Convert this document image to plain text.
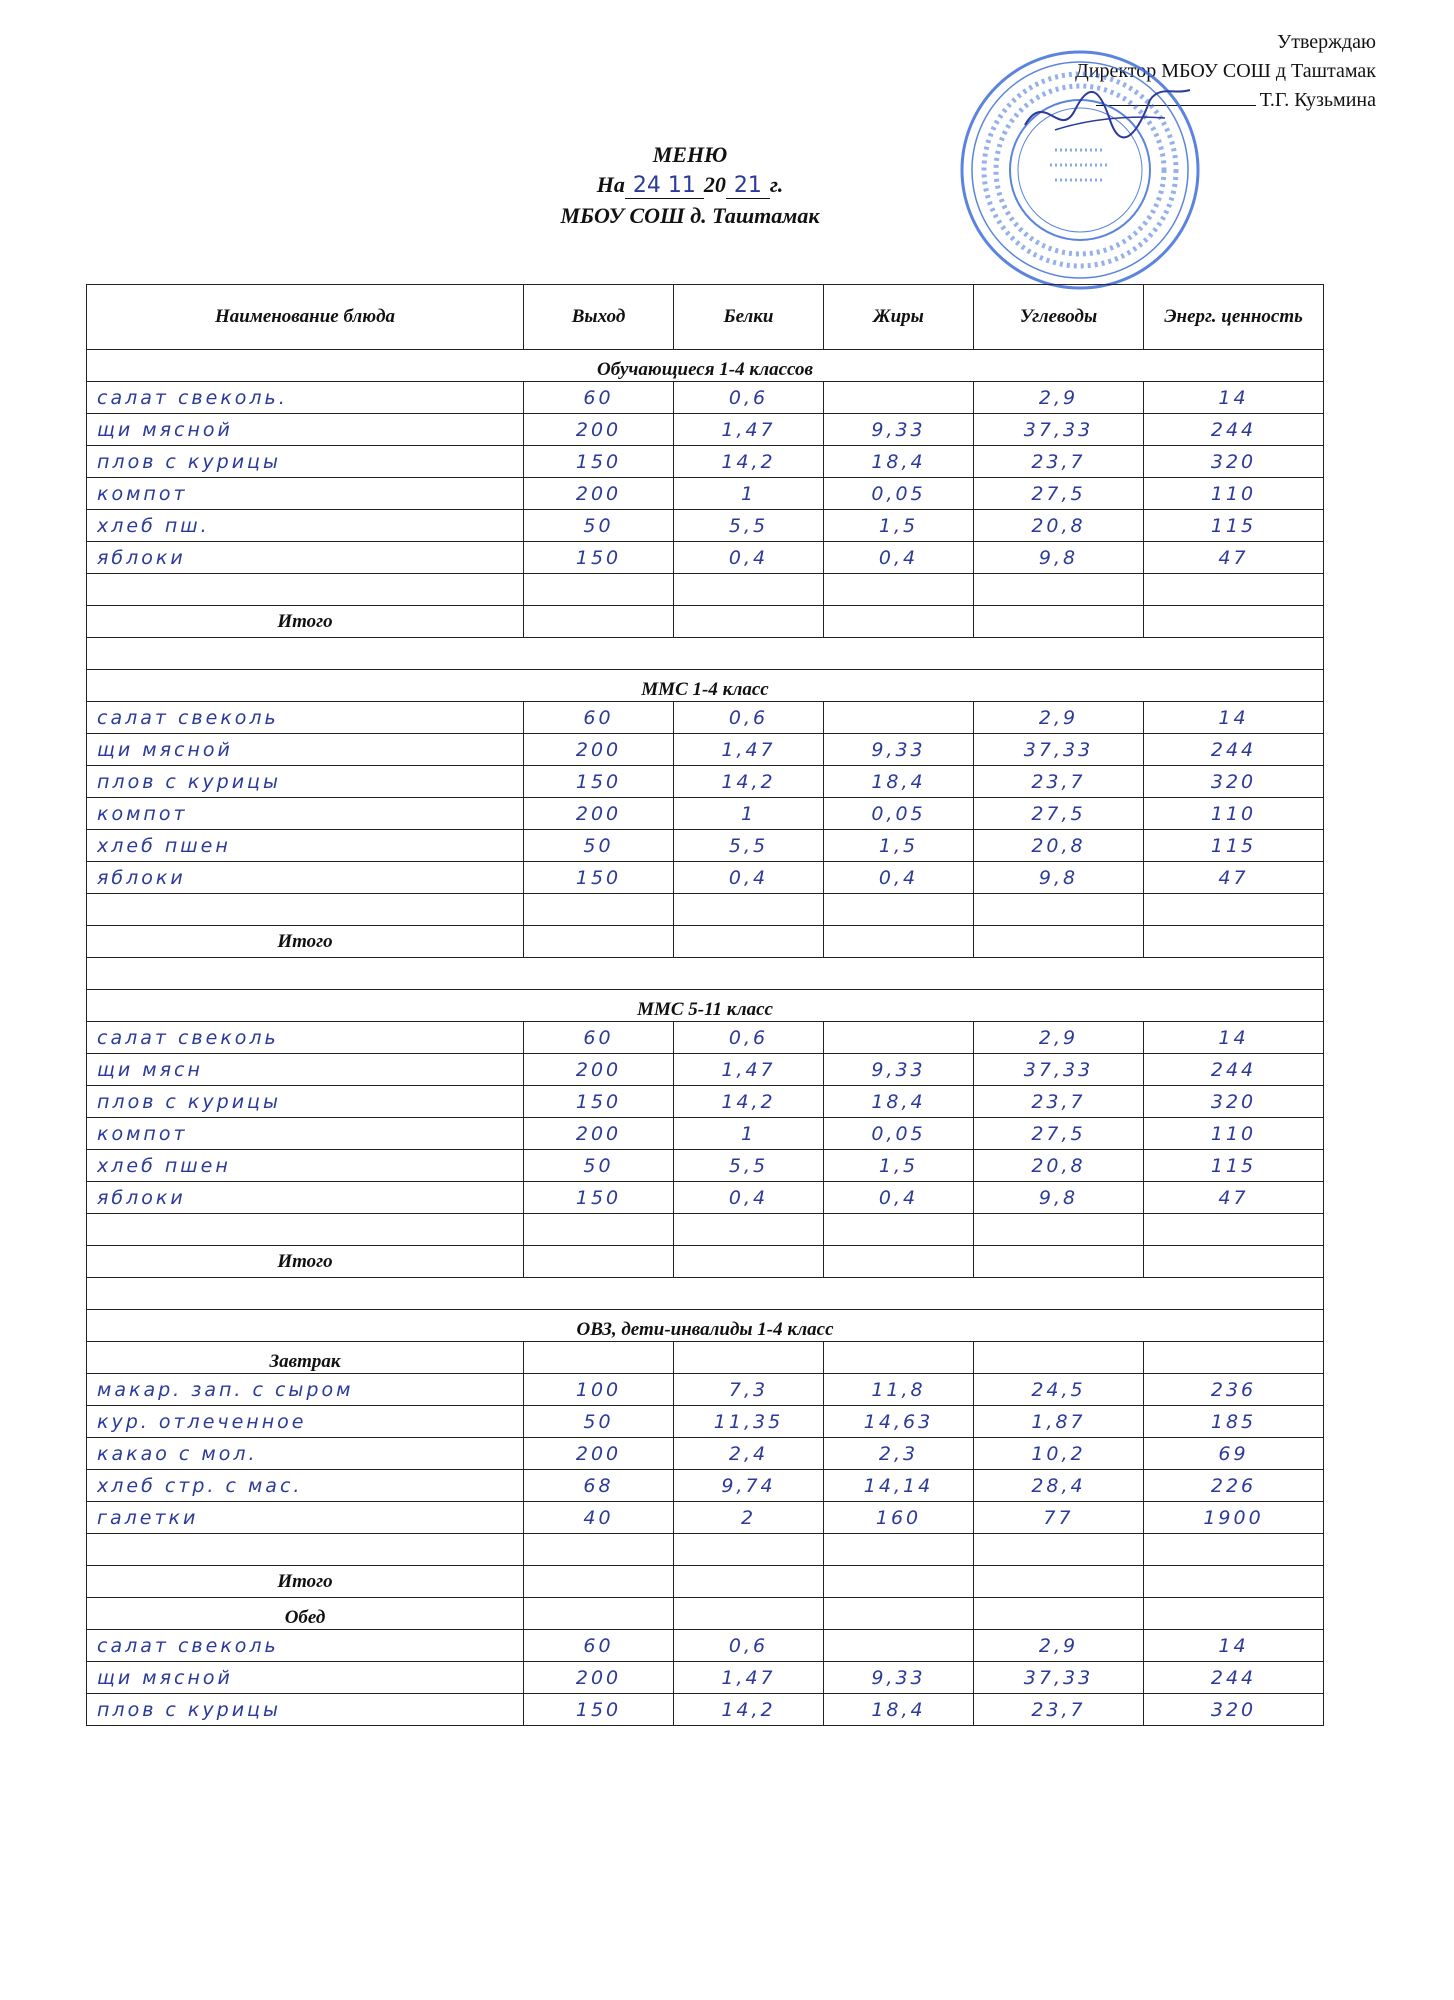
Утверждаю
Директор МБОУ СОШ д Таштамак
Т.Г. Кузьмина
МЕНЮ
На 24 11 20 21 г.
МБОУ СОШ д. Таштамак
Наименование блюда	Выход	Белки	Жиры	Углеводы	Энерг. ценность
Обучающиеся 1-4 классов					
салат свеколь.	60	0,6		2,9	14
щи мясной	200	1,47	9,33	37,33	244
плов с курицы	150	14,2	18,4	23,7	320
компот	200	1	0,05	27,5	110
хлеб пш.	50	5,5	1,5	20,8	115
яблоки	150	0,4	0,4	9,8	47

Итого					

ММС 1-4 класс					
салат свеколь	60	0,6		2,9	14
щи мясной	200	1,47	9,33	37,33	244
плов с курицы	150	14,2	18,4	23,7	320
компот	200	1	0,05	27,5	110
хлеб пшен	50	5,5	1,5	20,8	115
яблоки	150	0,4	0,4	9,8	47

Итого					

ММС 5-11 класс					
салат свеколь	60	0,6		2,9	14
щи мясн	200	1,47	9,33	37,33	244
плов с курицы	150	14,2	18,4	23,7	320
компот	200	1	0,05	27,5	110
хлеб пшен	50	5,5	1,5	20,8	115
яблоки	150	0,4	0,4	9,8	47

Итого					

ОВЗ, дети-инвалиды 1-4 класс					
Завтрак					
макар. зап. с сыром	100	7,3	11,8	24,5	236
кур. отлеченное	50	11,35	14,63	1,87	185
какао с мол.	200	2,4	2,3	10,2	69
хлеб стр. с мас.	68	9,74	14,14	28,4	226
галетки	40	2	160	77	1900

Итого					
Обед					
салат свеколь	60	0,6		2,9	14
щи мясной	200	1,47	9,33	37,33	244
плов с курицы	150	14,2	18,4	23,7	320
